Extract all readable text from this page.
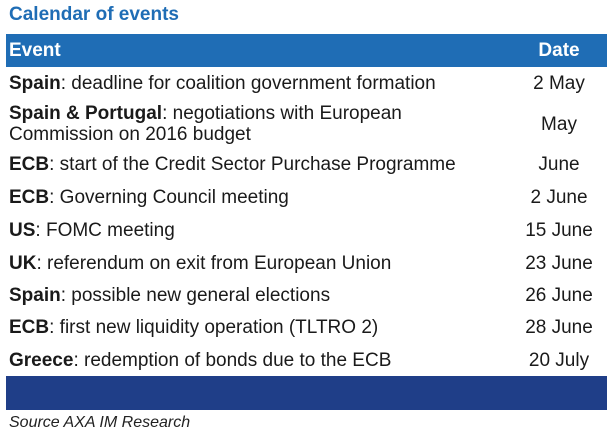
Calendar of events
Event	Date
Spain: deadline for coalition government formation	2 May
Spain & Portugal: negotiations with European Commission on 2016 budget	May
ECB: start of the Credit Sector Purchase Programme	June
ECB: Governing Council meeting	2 June
US: FOMC meeting	15 June
UK: referendum on exit from European Union	23 June
Spain: possible new general elections	26 June
ECB: first new liquidity operation (TLTRO 2)	28 June
Greece: redemption of bonds due to the ECB	20 July
Source AXA IM Research
